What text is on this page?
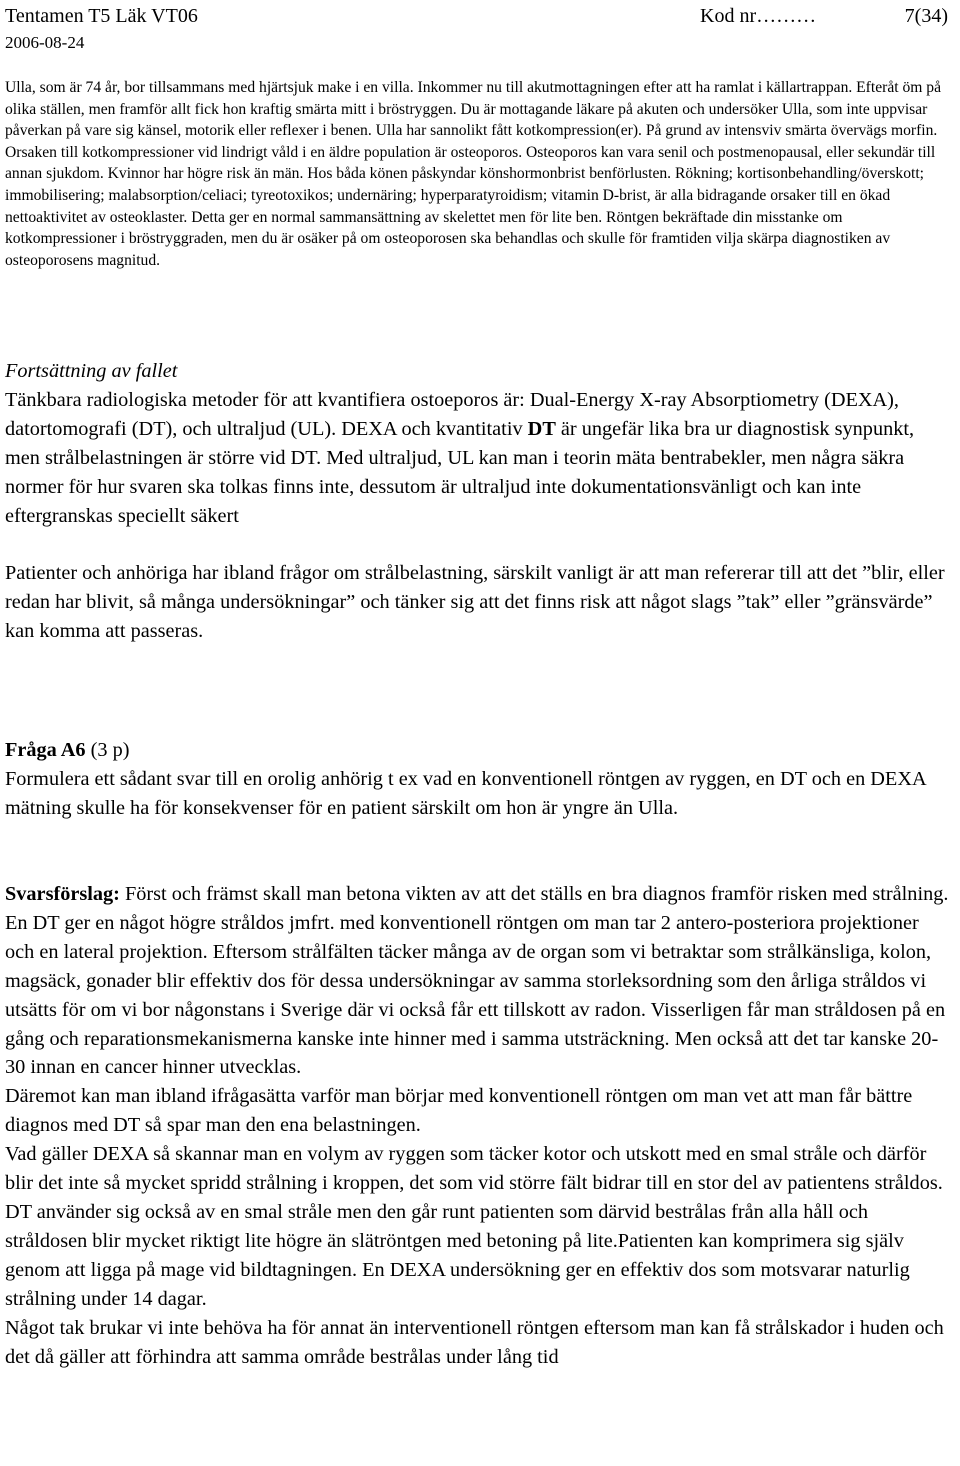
Tentamen T5 Läk VT06	Kod nr………	7(34)
2006-08-24

Ulla, som är 74 år, bor tillsammans med hjärtsjuk make i en villa. Inkommer nu till akutmottagningen efter att ha ramlat i källartrappan. Efteråt öm på olika ställen, men framför allt fick hon kraftig smärta mitt i bröstryggen. Du är mottagande läkare på akuten och undersöker Ulla, som inte uppvisar påverkan på vare sig känsel, motorik eller reflexer i benen. Ulla har sannolikt fått kotkompression(er). På grund av intensviv smärta övervägs morfin. Orsaken till kotkompressioner vid lindrigt våld i en äldre population är osteoporos. Osteoporos kan vara senil och postmenopausal, eller sekundär till annan sjukdom. Kvinnor har högre risk än män. Hos båda könen påskyndar könshormonbrist benförlusten. Rökning; kortisonbehandling/överskott; immobilisering; malabsorption/celiaci; tyreotoxikos; undernäring; hyperparatyroidism; vitamin D-brist, är alla bidragande orsaker till en ökad nettoaktivitet av osteoklaster. Detta ger en normal sammansättning av skelettet men för lite ben. Röntgen bekräftade din misstanke om kotkompressioner i bröstryggraden, men du är osäker på om osteoporosen ska behandlas och skulle för framtiden vilja skärpa diagnostiken av osteoporosens magnitud.

Fortsättning av fallet

Tänkbara radiologiska metoder för att kvantifiera ostoeporos är: Dual-Energy X-ray Absorptiometry (DEXA), datortomografi (DT), och ultraljud (UL). DEXA och kvantitativ DT är ungefär lika bra ur diagnostisk synpunkt, men strålbelastningen är större vid DT. Med ultraljud, UL kan man i teorin mäta bentrabekler, men några säkra normer för hur svaren ska tolkas finns inte, dessutom är ultraljud inte dokumentationsvänligt och kan inte eftergranskas speciellt säkert

Patienter och anhöriga har ibland frågor om strålbelastning, särskilt vanligt är att man refererar till att det ”blir, eller redan har blivit, så många undersökningar” och tänker sig att det finns risk att något slags ”tak” eller ”gränsvärde” kan komma att passeras.

Fråga A6 (3 p)

Formulera ett sådant svar till en orolig anhörig t ex vad en konventionell röntgen av ryggen, en DT och en DEXA mätning skulle ha för konsekvenser för en patient särskilt om hon är yngre än Ulla.

Svarsförslag: Först och främst skall man betona vikten av att det ställs en bra diagnos framför risken med strålning. En DT ger en något högre stråldos jmfrt. med konventionell röntgen om man tar 2 antero-posteriora projektioner och en lateral projektion. Eftersom strålfälten täcker många av de organ som vi betraktar som strålkänsliga, kolon, magsäck, gonader blir effektiv dos för dessa undersökningar av samma storleksordning som den årliga stråldos vi utsätts för om vi bor någonstans i Sverige där vi också får ett tillskott av radon. Visserligen får man stråldosen på en gång och reparationsmekanismerna kanske inte hinner med i samma utsträckning. Men också att det tar kanske 20-30 innan en cancer hinner utvecklas.

Däremot kan man ibland ifrågasätta varför man börjar med konventionell röntgen om man vet att man får bättre diagnos med DT så spar man den ena belastningen.

Vad gäller DEXA så skannar man en volym av ryggen som täcker kotor och utskott med en smal stråle och därför blir det inte så mycket spridd strålning i kroppen, det som vid större fält bidrar till en stor del av patientens stråldos. DT använder sig också av en smal stråle men den går runt patienten som därvid bestrålas från alla håll och stråldosen blir mycket riktigt lite högre än slätröntgen med betoning på lite.Patienten kan komprimera sig själv genom att ligga på mage vid bildtagningen. En DEXA undersökning ger en effektiv dos som motsvarar naturlig strålning under 14 dagar.

Något tak brukar vi inte behöva ha för annat än interventionell röntgen eftersom man kan få strålskador i huden och det då gäller att förhindra att samma område bestrålas under lång tid
